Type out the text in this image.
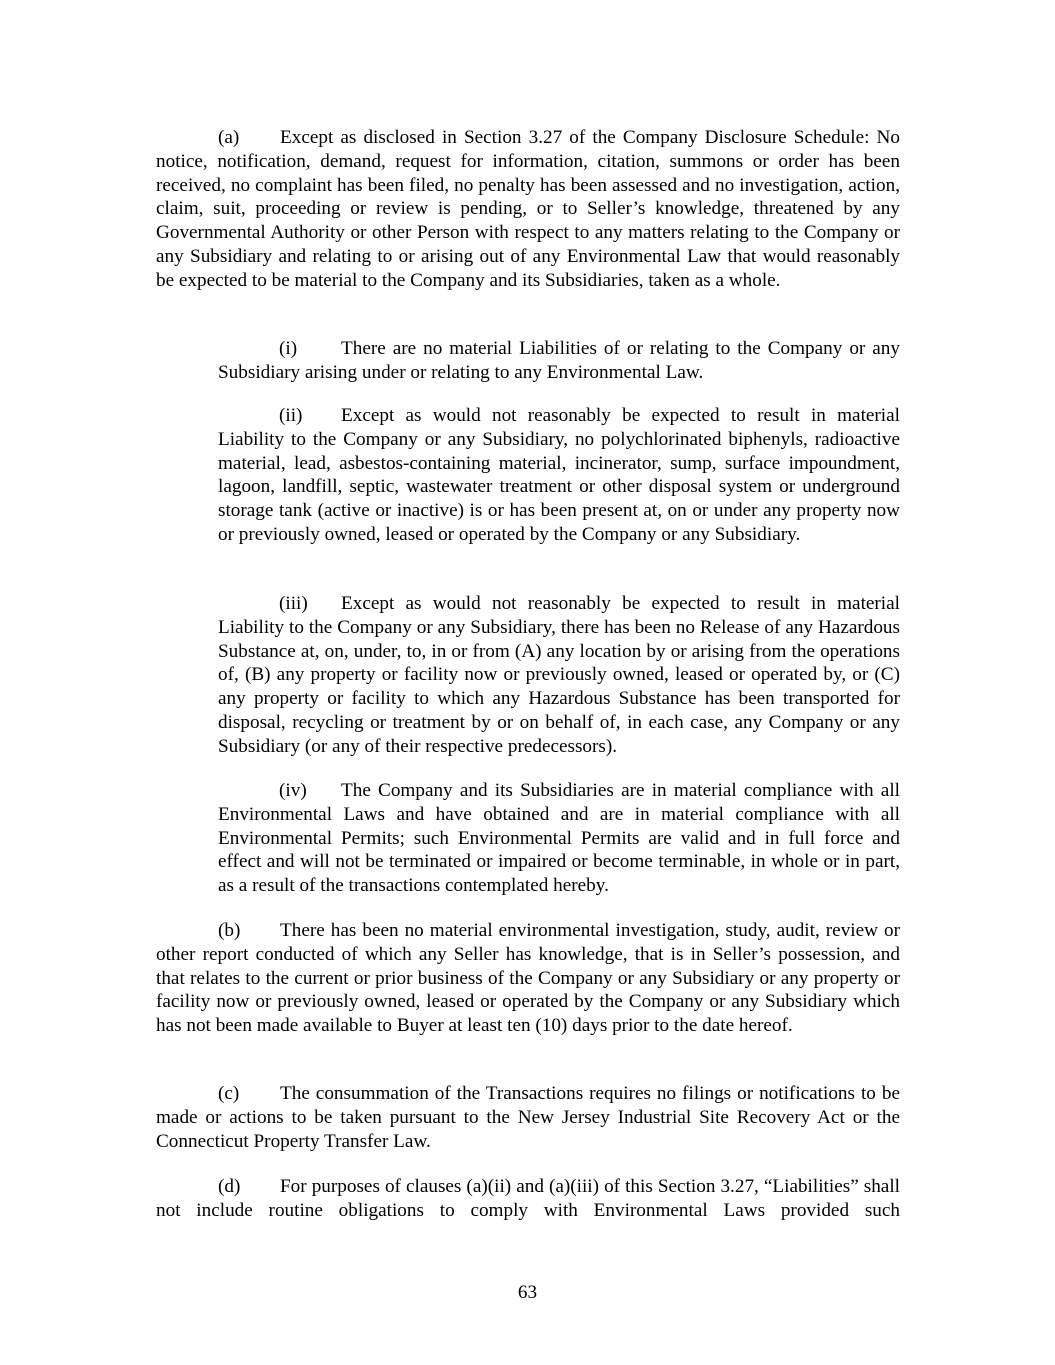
(a) Except as disclosed in Section 3.27 of the Company Disclosure Schedule: No notice, notification, demand, request for information, citation, summons or order has been received, no complaint has been filed, no penalty has been assessed and no investigation, action, claim, suit, proceeding or review is pending, or to Seller’s knowledge, threatened by any Governmental Authority or other Person with respect to any matters relating to the Company or any Subsidiary and relating to or arising out of any Environmental Law that would reasonably be expected to be material to the Company and its Subsidiaries, taken as a whole.

(i) There are no material Liabilities of or relating to the Company or any Subsidiary arising under or relating to any Environmental Law.

(ii) Except as would not reasonably be expected to result in material Liability to the Company or any Subsidiary, no polychlorinated biphenyls, radioactive material, lead, asbestos-containing material, incinerator, sump, surface impoundment, lagoon, landfill, septic, wastewater treatment or other disposal system or underground storage tank (active or inactive) is or has been present at, on or under any property now or previously owned, leased or operated by the Company or any Subsidiary.

(iii) Except as would not reasonably be expected to result in material Liability to the Company or any Subsidiary, there has been no Release of any Hazardous Substance at, on, under, to, in or from (A) any location by or arising from the operations of, (B) any property or facility now or previously owned, leased or operated by, or (C) any property or facility to which any Hazardous Substance has been transported for disposal, recycling or treatment by or on behalf of, in each case, any Company or any Subsidiary (or any of their respective predecessors).

(iv) The Company and its Subsidiaries are in material compliance with all Environmental Laws and have obtained and are in material compliance with all Environmental Permits; such Environmental Permits are valid and in full force and effect and will not be terminated or impaired or become terminable, in whole or in part, as a result of the transactions contemplated hereby.

(b) There has been no material environmental investigation, study, audit, review or other report conducted of which any Seller has knowledge, that is in Seller’s possession, and that relates to the current or prior business of the Company or any Subsidiary or any property or facility now or previously owned, leased or operated by the Company or any Subsidiary which has not been made available to Buyer at least ten (10) days prior to the date hereof.

(c) The consummation of the Transactions requires no filings or notifications to be made or actions to be taken pursuant to the New Jersey Industrial Site Recovery Act or the Connecticut Property Transfer Law.

(d) For purposes of clauses (a)(ii) and (a)(iii) of this Section 3.27, “Liabilities” shall not include routine obligations to comply with Environmental Laws provided such

63
